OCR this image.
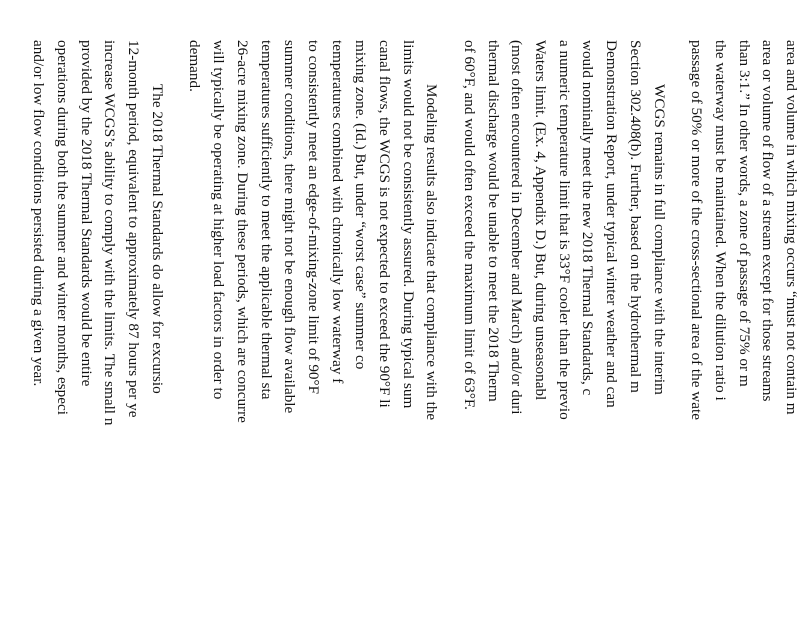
area and volume in which mixing occurs “must not contain m
area or volume of flow of a stream except for those streams
than 3:1.” In other words, a zone of passage of 75% or m
the waterway must be maintained. When the dilution ratio i
passage of 50% or more of the cross-sectional area of the wate
WCGS remains in full compliance with the interim
Section 302.408(b). Further, based on the hydrothermal m
Demonstration Report, under typical winter weather and can
would nominally meet the new 2018 Thermal Standards, c
a numeric temperature limit that is 33°F cooler than the previo
Waters limit. (Ex. 4, Appendix D.) But, during unseasonabl
(most often encountered in December and March) and/or duri
thermal discharge would be unable to meet the 2018 Therm
of 60°F, and would often exceed the maximum limit of 63°F.
Modeling results also indicate that compliance with the
limits would not be consistently assured. During typical sum
canal flows, the WCGS is not expected to exceed the 90°F li
mixing zone. (Id.) But, under “worst case” summer co
temperatures combined with chronically low waterway f
to consistently meet an edge-of-mixing-zone limit of 90°F
summer conditions, there might not be enough flow available
temperatures sufficiently to meet the applicable thermal sta
26-acre mixing zone. During these periods, which are concurre
will typically be operating at higher load factors in order to
demand.
The 2018 Thermal Standards do allow for excursio
12-month period, equivalent to approximately 87 hours per ye
increase WCGS’s ability to comply with the limits. The small n
provided by the 2018 Thermal Standards would be entire
operations during both the summer and winter months, especi
and/or low flow conditions persisted during a given year.
